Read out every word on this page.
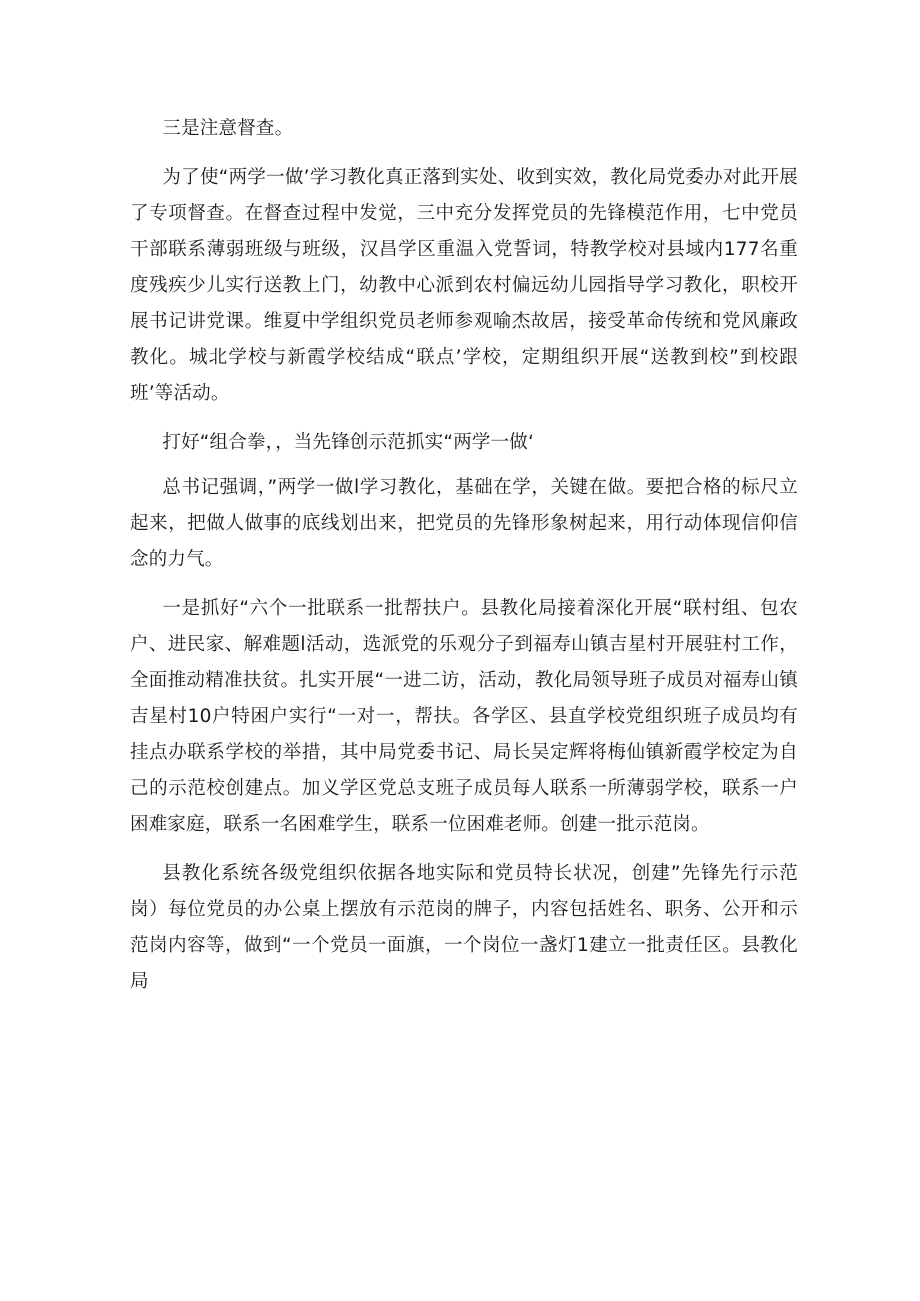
三是注意督查。

为了使“两学一做’学习教化真正落到实处、收到实效，教化局党委办对此开展了专项督查。在督查过程中发觉，三中充分发挥党员的先锋模范作用，七中党员干部联系薄弱班级与班级，汉昌学区重温入党誓词，特教学校对县域内177名重度残疾少儿实行送教上门，幼教中心派到农村偏远幼儿园指导学习教化，职校开展书记讲党课。维夏中学组织党员老师参观喻杰故居，接受革命传统和党风廉政教化。城北学校与新霞学校结成“联点’学校，定期组织开展“送教到校”到校跟班’等活动。

打好“组合拳，，当先锋创示范抓实“两学一做‘

总书记强调，”两学一做l学习教化，基础在学，关键在做。要把合格的标尺立起来，把做人做事的底线划出来，把党员的先锋形象树起来，用行动体现信仰信念的力气。

一是抓好“六个一批联系一批帮扶户。县教化局接着深化开展“联村组、包农户、进民家、解难题l活动，选派党的乐观分子到福寿山镇吉星村开展驻村工作，全面推动精准扶贫。扎实开展“一进二访，活动，教化局领导班子成员对福寿山镇吉星村10户特困户实行“一对一，帮扶。各学区、县直学校党组织班子成员均有挂点办联系学校的举措，其中局党委书记、局长吴定辉将梅仙镇新霞学校定为自己的示范校创建点。加义学区党总支班子成员每人联系一所薄弱学校，联系一户困难家庭，联系一名困难学生，联系一位困难老师。创建一批示范岗。

县教化系统各级党组织依据各地实际和党员特长状况，创建”先锋先行示范岗）每位党员的办公桌上摆放有示范岗的牌子，内容包括姓名、职务、公开和示范岗内容等，做到“一个党员一面旗，一个岗位一盏灯1建立一批责任区。县教化局
